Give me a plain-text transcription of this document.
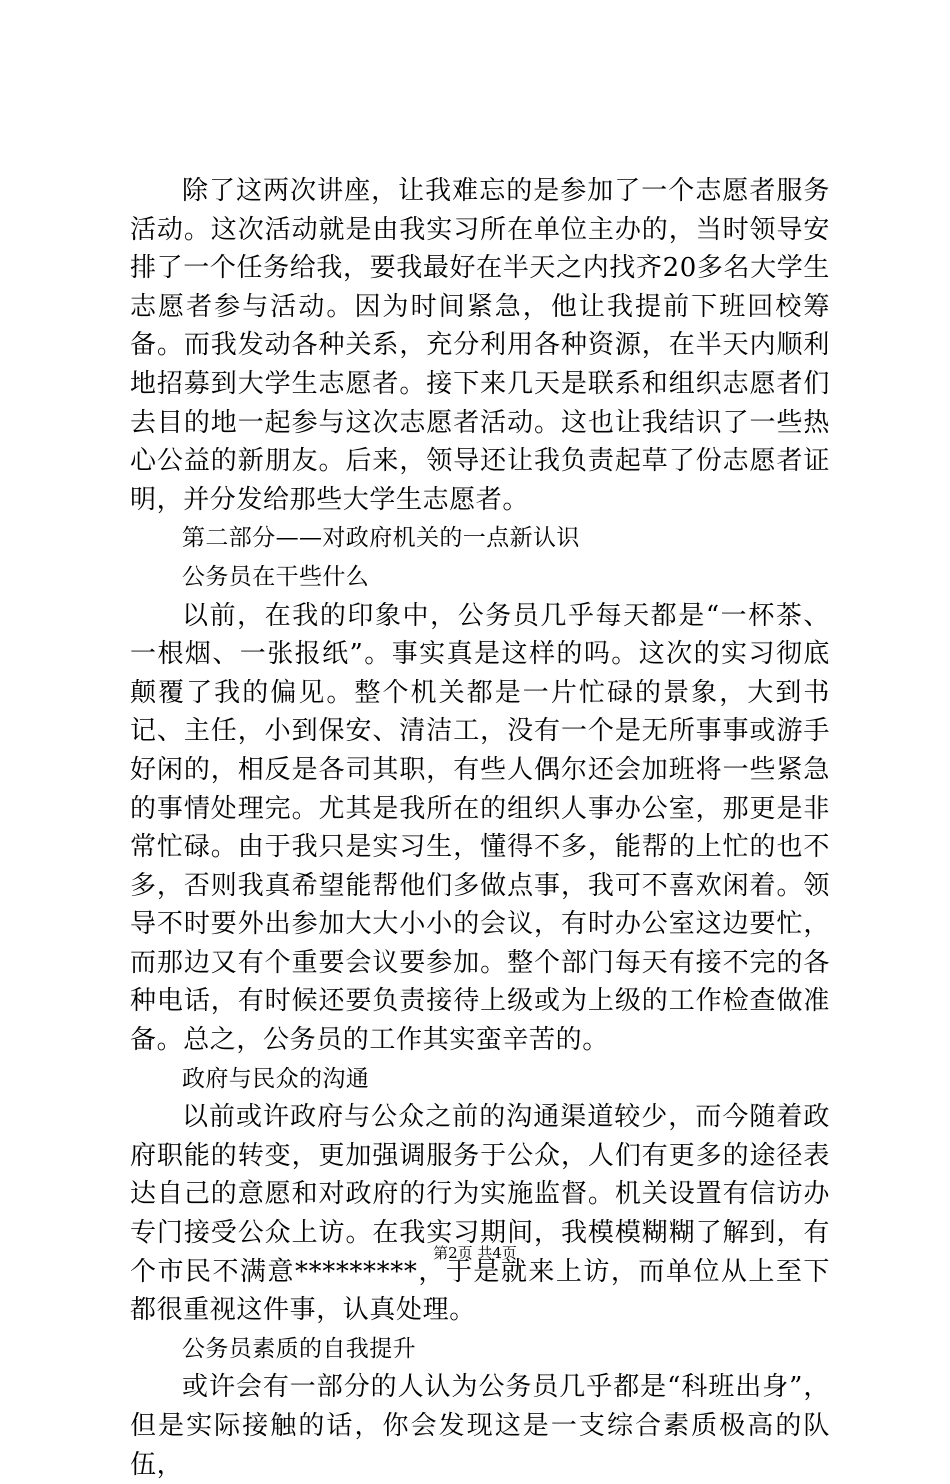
除了这两次讲座，让我难忘的是参加了一个志愿者服务活动。这次活动就是由我实习所在单位主办的，当时领导安排了一个任务给我，要我最好在半天之内找齐20多名大学生志愿者参与活动。因为时间紧急，他让我提前下班回校筹备。而我发动各种关系，充分利用各种资源，在半天内顺利地招募到大学生志愿者。接下来几天是联系和组织志愿者们去目的地一起参与这次志愿者活动。这也让我结识了一些热心公益的新朋友。后来，领导还让我负责起草了份志愿者证明，并分发给那些大学生志愿者。

第二部分——对政府机关的一点新认识

公务员在干些什么

以前，在我的印象中，公务员几乎每天都是“一杯茶、一根烟、一张报纸”。事实真是这样的吗。这次的实习彻底颠覆了我的偏见。整个机关都是一片忙碌的景象，大到书记、主任，小到保安、清洁工，没有一个是无所事事或游手好闲的，相反是各司其职，有些人偶尔还会加班将一些紧急的事情处理完。尤其是我所在的组织人事办公室，那更是非常忙碌。由于我只是实习生，懂得不多，能帮的上忙的也不多，否则我真希望能帮他们多做点事，我可不喜欢闲着。领导不时要外出参加大大小小的会议，有时办公室这边要忙，而那边又有个重要会议要参加。整个部门每天有接不完的各种电话，有时候还要负责接待上级或为上级的工作检查做准备。总之，公务员的工作其实蛮辛苦的。

政府与民众的沟通

以前或许政府与公众之前的沟通渠道较少，而今随着政府职能的转变，更加强调服务于公众，人们有更多的途径表达自己的意愿和对政府的行为实施监督。机关设置有信访办专门接受公众上访。在我实习期间，我模模糊糊了解到，有个市民不满意*********，于是就来上访，而单位从上至下都很重视这件事，认真处理。

公务员素质的自我提升

或许会有一部分的人认为公务员几乎都是“科班出身”，但是实际接触的话，你会发现这是一支综合素质极高的队伍，

第2页 共4页
